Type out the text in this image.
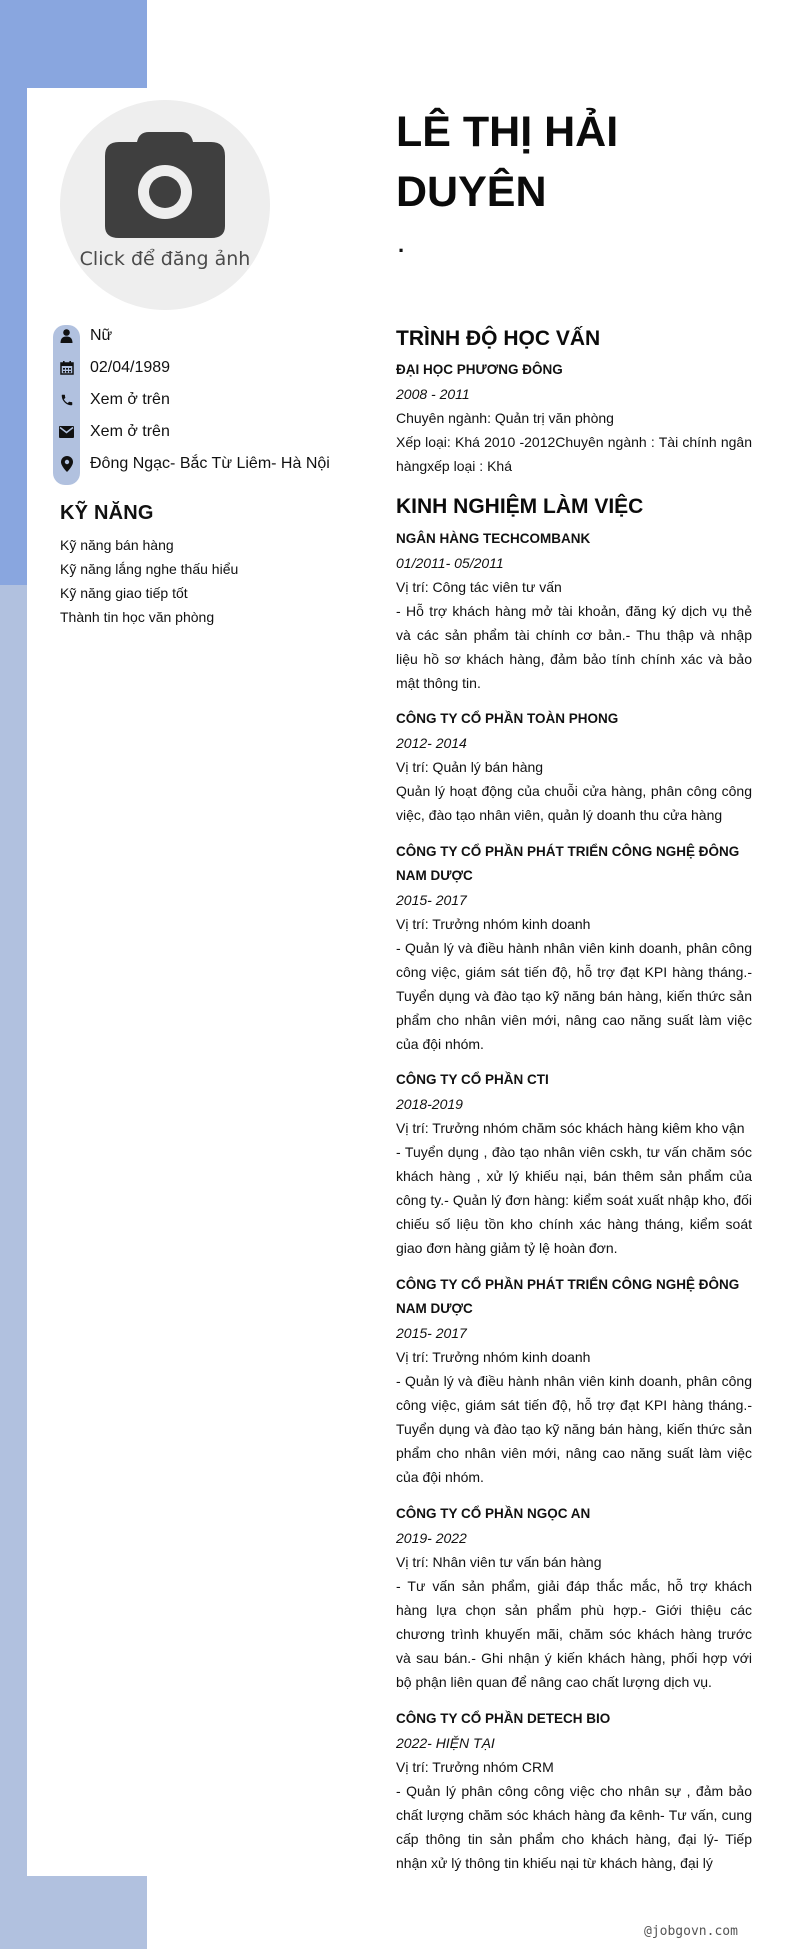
Click để đăng ảnh
Nữ
02/04/1989
Xem ở trên
Xem ở trên
Đông Ngạc- Bắc Từ Liêm- Hà Nội
KỸ NĂNG
Kỹ năng bán hàng
Kỹ năng lắng nghe thấu hiểu
Kỹ năng giao tiếp tốt
Thành tin học văn phòng
LÊ THỊ HẢI DUYÊN
.
TRÌNH ĐỘ HỌC VẤN
ĐẠI HỌC PHƯƠNG ĐÔNG
2008 - 2011
Chuyên ngành: Quản trị văn phòng
Xếp loại: Khá 2010 -2012Chuyên ngành : Tài chính ngân hàngxếp loại : Khá
KINH NGHIỆM LÀM VIỆC
NGÂN HÀNG TECHCOMBANK
01/2011- 05/2011
Vị trí: Công tác viên tư vấn
- Hỗ trợ khách hàng mở tài khoản, đăng ký dịch vụ thẻ và các sản phẩm tài chính cơ bản.- Thu thập và nhập liệu hồ sơ khách hàng, đảm bảo tính chính xác và bảo mật thông tin.
CÔNG TY CỔ PHẦN TOÀN PHONG
2012- 2014
Vị trí: Quản lý bán hàng
Quản lý hoạt động của chuỗi cửa hàng, phân công công việc, đào tạo nhân viên, quản lý doanh thu cửa hàng
CÔNG TY CỔ PHẦN PHÁT TRIỂN CÔNG NGHỆ ĐÔNG NAM DƯỢC
2015- 2017
Vị trí: Trưởng nhóm kinh doanh
- Quản lý và điều hành nhân viên kinh doanh, phân công công việc, giám sát tiến độ, hỗ trợ đạt KPI hàng tháng.- Tuyển dụng và đào tạo kỹ năng bán hàng, kiến thức sản phẩm cho nhân viên mới, nâng cao năng suất làm việc của đội nhóm.
CÔNG TY CỔ PHẦN CTI
2018-2019
Vị trí: Trưởng nhóm chăm sóc khách hàng kiêm kho vận
- Tuyển dụng , đào tạo nhân viên cskh, tư vấn chăm sóc khách hàng , xử lý khiếu nại, bán thêm sản phẩm của công ty.- Quản lý đơn hàng: kiểm soát xuất nhập kho, đối chiếu số liệu tồn kho chính xác hàng tháng, kiểm soát giao đơn hàng giảm tỷ lệ hoàn đơn.
CÔNG TY CỔ PHẦN PHÁT TRIỂN CÔNG NGHỆ ĐÔNG NAM DƯỢC
2015- 2017
Vị trí: Trưởng nhóm kinh doanh
- Quản lý và điều hành nhân viên kinh doanh, phân công công việc, giám sát tiến độ, hỗ trợ đạt KPI hàng tháng.- Tuyển dụng và đào tạo kỹ năng bán hàng, kiến thức sản phẩm cho nhân viên mới, nâng cao năng suất làm việc của đội nhóm.
CÔNG TY CỔ PHẦN NGỌC AN
2019- 2022
Vị trí: Nhân viên tư vấn bán hàng
- Tư vấn sản phẩm, giải đáp thắc mắc, hỗ trợ khách hàng lựa chọn sản phẩm phù hợp.- Giới thiệu các chương trình khuyến mãi, chăm sóc khách hàng trước và sau bán.- Ghi nhận ý kiến khách hàng, phối hợp với bộ phận liên quan để nâng cao chất lượng dịch vụ.
CÔNG TY CỔ PHẦN DETECH BIO
2022- HIỆN TẠI
Vị trí: Trưởng nhóm CRM
- Quản lý phân công công việc cho nhân sự , đảm bảo chất lượng chăm sóc khách hàng đa kênh- Tư vấn, cung cấp thông tin sản phẩm cho khách hàng, đại lý- Tiếp nhận xử lý thông tin khiếu nại từ khách hàng, đại lý
@jobgovn.com
